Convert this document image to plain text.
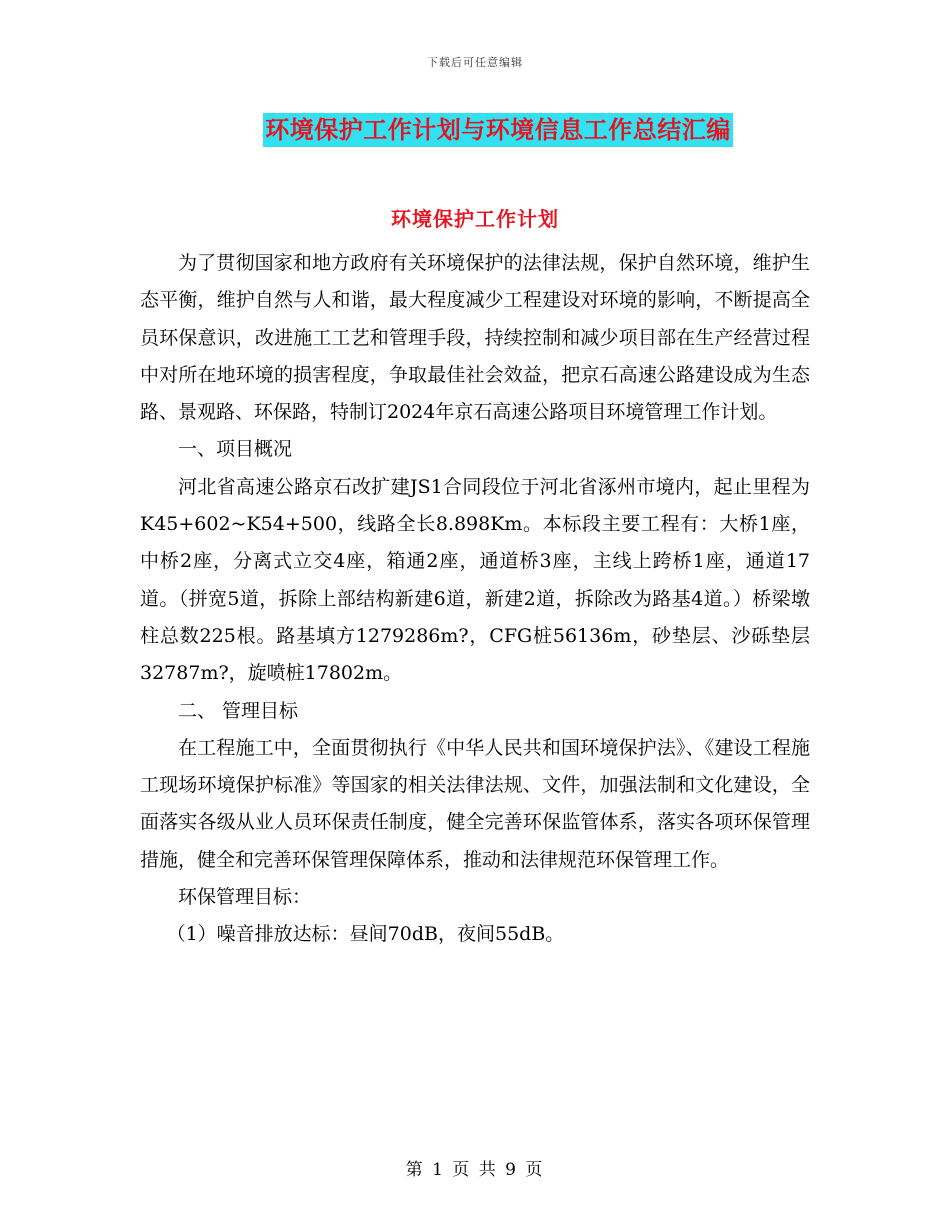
下载后可任意编辑
环境保护工作计划与环境信息工作总结汇编
环境保护工作计划

为了贯彻国家和地方政府有关环境保护的法律法规，保护自然环境，维护生态平衡，维护自然与人和谐，最大程度减少工程建设对环境的影响，不断提高全员环保意识，改进施工工艺和管理手段，持续控制和减少项目部在生产经营过程中对所在地环境的损害程度，争取最佳社会效益，把京石高速公路建设成为生态路、景观路、环保路，特制订2024年京石高速公路项目环境管理工作计划。

一、项目概况

河北省高速公路京石改扩建JS1合同段位于河北省涿州市境内，起止里程为K45+602~K54+500，线路全长8.898Km。本标段主要工程有：大桥1座，中桥2座，分离式立交4座，箱通2座，通道桥3座，主线上跨桥1座，通道17道。（拼宽5道，拆除上部结构新建6道，新建2道，拆除改为路基4道。）桥梁墩柱总数225根。路基填方1279286m?，CFG桩56136m，砂垫层、沙砾垫层32787m?，旋喷桩17802m。

二、 管理目标

在工程施工中，全面贯彻执行《中华人民共和国环境保护法》、《建设工程施工现场环境保护标准》等国家的相关法律法规、文件，加强法制和文化建设，全面落实各级从业人员环保责任制度，健全完善环保监管体系，落实各项环保管理措施，健全和完善环保管理保障体系，推动和法律规范环保管理工作。

环保管理目标：

（1）噪音排放达标：昼间70dB，夜间55dB。

第 1 页 共 9 页
